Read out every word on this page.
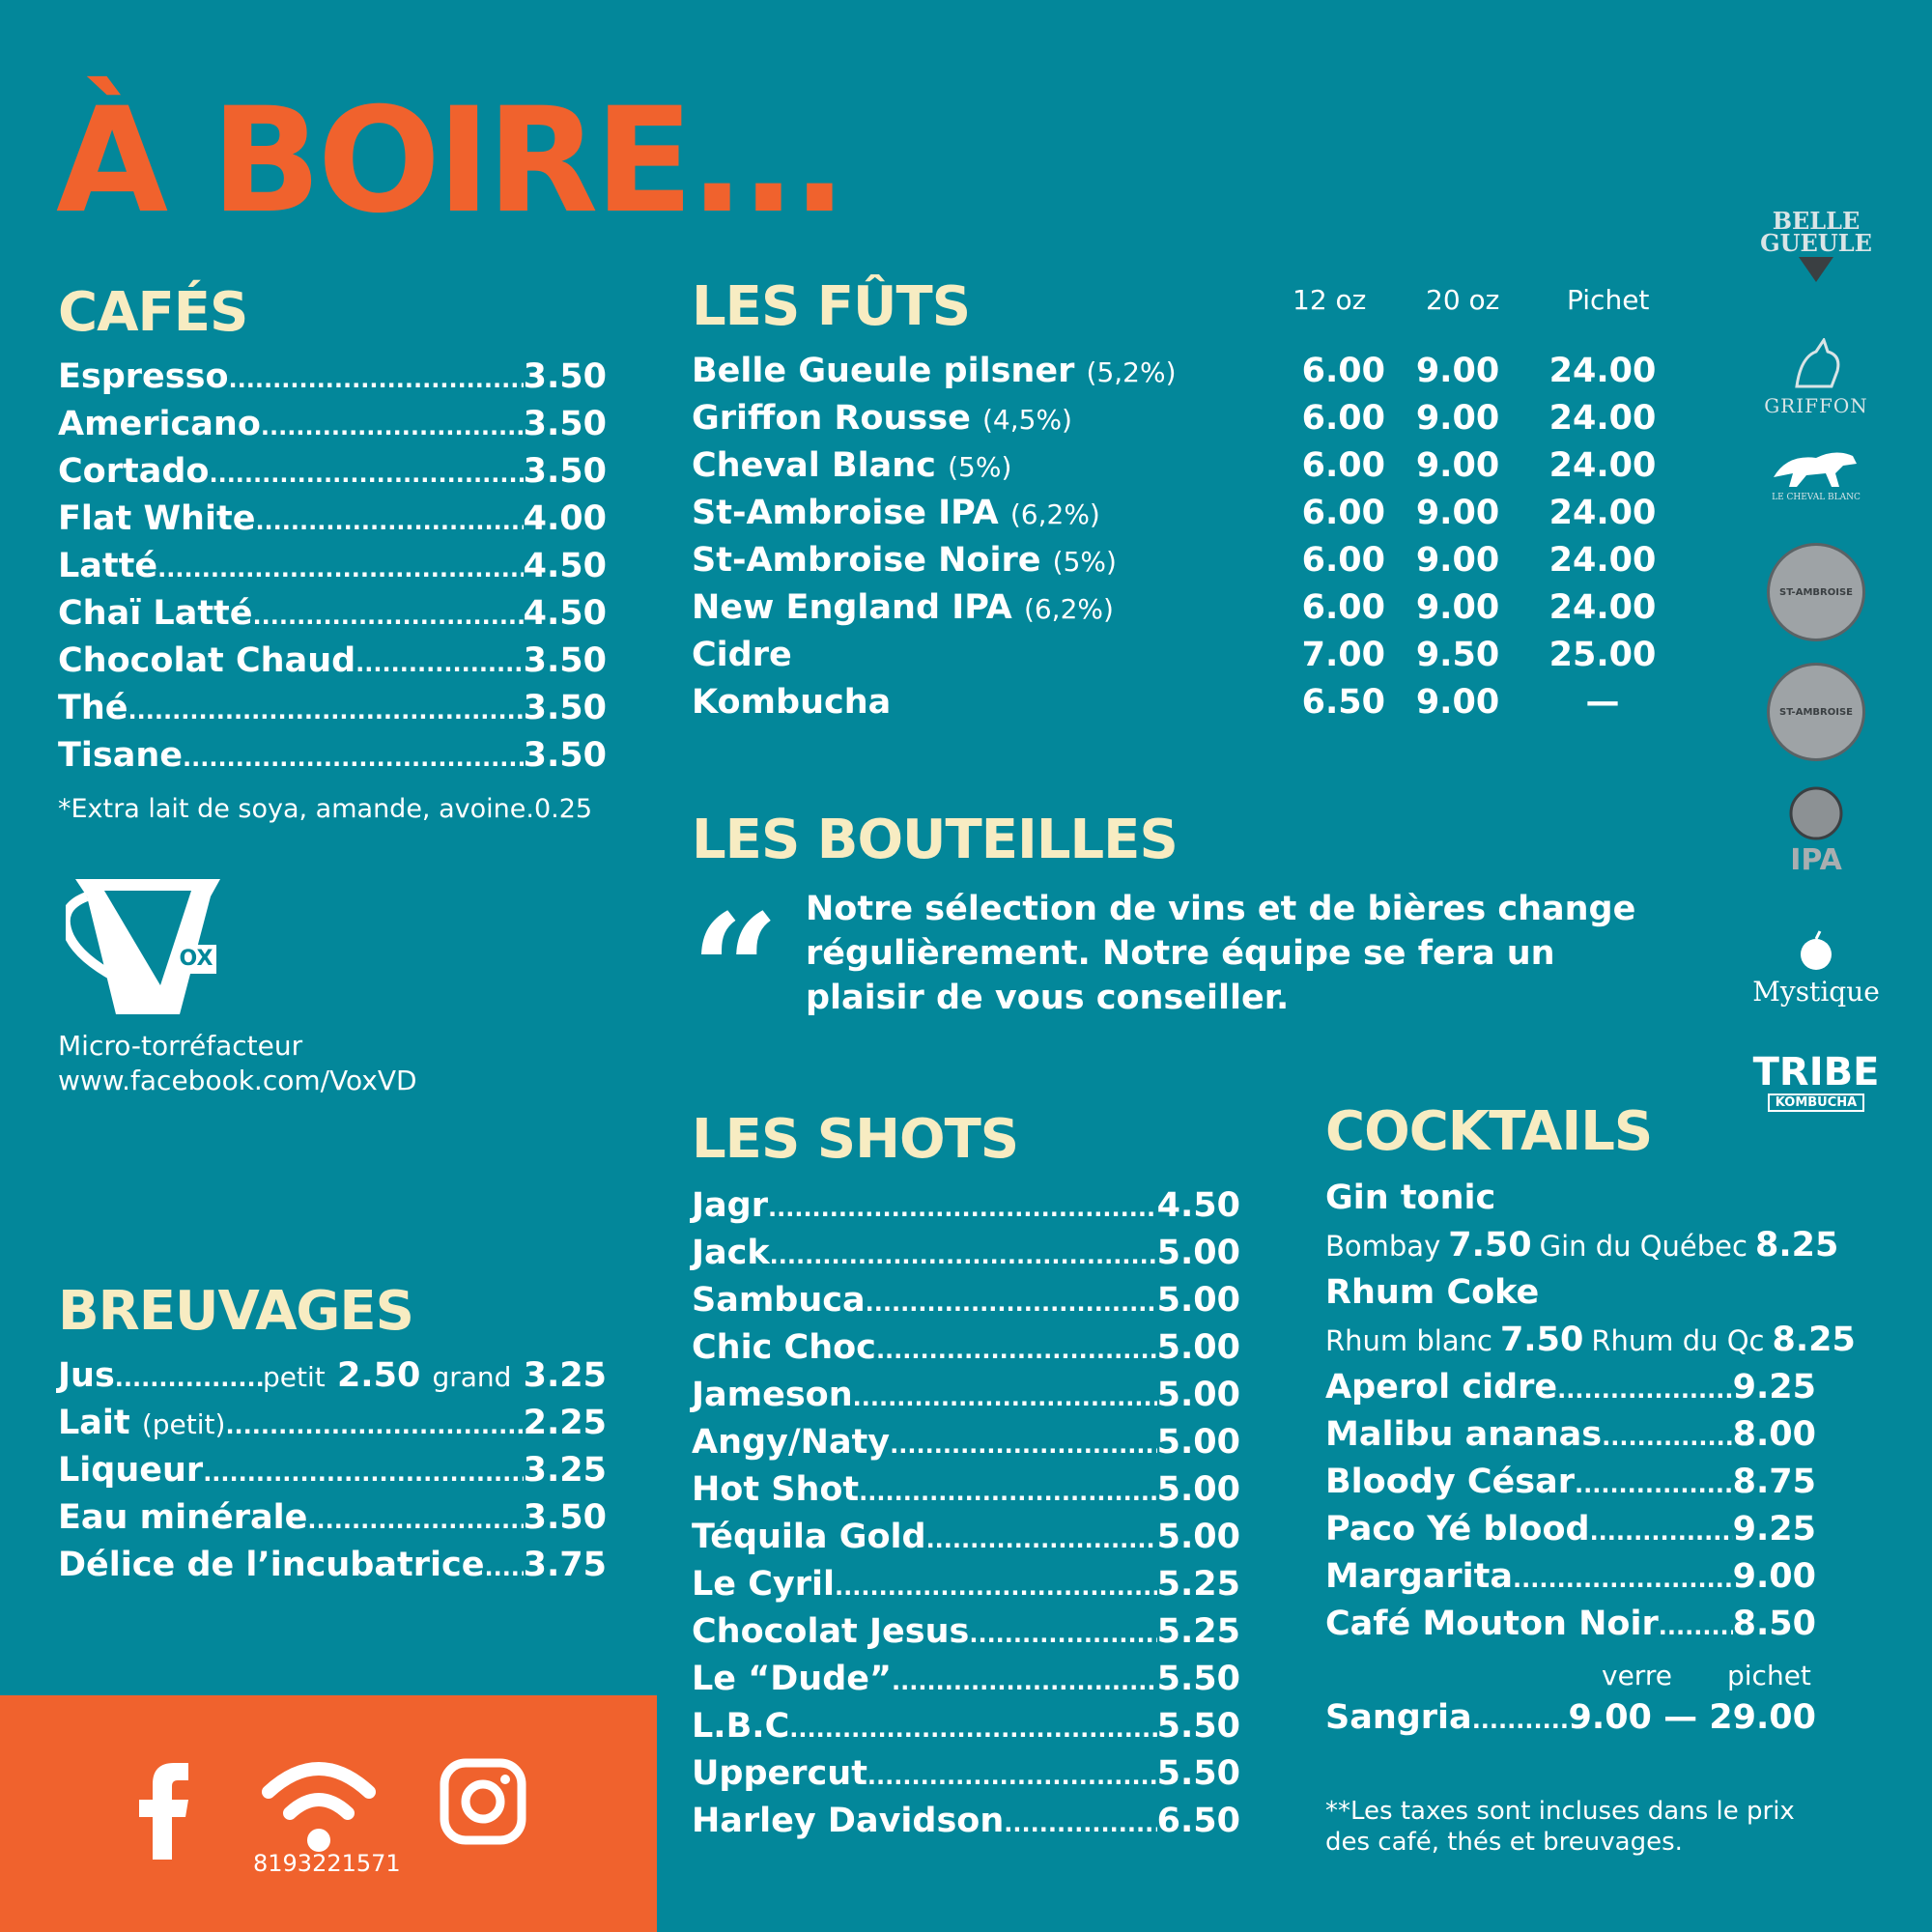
À BOIRE...
CAFÉS
Espresso .....	3.50
Americano .....	3.50
Cortado .....	3.50
Flat White .....	4.00
Latté .....	4.50
Chaï Latté .....	4.50
Chocolat Chaud .....	3.50
Thé .....	3.50
Tisane .....	3.50
*Extra lait de soya, amande, avoine.0.25
OX
Micro-torréfacteur
www.facebook.com/VoxVD
BREUVAGES
Jus .....	petit 2.50 grand 3.25
Lait (petit) .....	2.25
Liqueur .....	3.25
Eau minérale .....	3.50
Délice de l’incubatrice ..... 3.75
8193221571
LES FÛTS	12 oz 20 oz Pichet
Belle Gueule pilsner (5,2%)	6.00 9.00	24.00
Griffon Rousse (4,5%)	6.00 9.00	24.00
Cheval Blanc (5%)	6.00 9.00	24.00
St-Ambroise IPA (6,2%)	6.00 9.00	24.00
St-Ambroise Noire (5%)	6.00 9.00	24.00
New England IPA (6,2%)	6.00 9.00	24.00
Cidre	7.00 9.50	25.00
Kombucha	6.50 9.00	—
LES BOUTEILLES
“ Notre sélection de vins et de bières change régulièrement. Notre équipe se fera un plaisir de vous conseiller.
LES SHOTS
Jagr .....	4.50
Jack .....	5.00
Sambuca .....	5.00
Chic Choc .....	5.00
Jameson .....	5.00
Angy/Naty .....	5.00
Hot Shot .....	5.00
Téquila Gold .....	5.00
Le Cyril .....	5.25
Chocolat Jesus .....	5.25
Le “Dude” .....	5.50
L.B.C .....	5.50
Uppercut .....	5.50
Harley Davidson .....	6.50
COCKTAILS
Gin tonic
Bombay 7.50 Gin du Québec 8.25
Rhum Coke
Rhum blanc 7.50 Rhum du Qc 8.25
Aperol cidre .....	9.25
Malibu ananas .....	8.00
Bloody César .....	8.75
Paco Yé blood .....	9.25
Margarita .....	9.00
Café Mouton Noir ..... 8.50
verre pichet
Sangria .....	9.00 — 29.00
**Les taxes sont incluses dans le prix
des café, thés et breuvages.
BELLE
GUEULE
GRIFFON
LE CHEVAL BLANC
ST-AMBROISE
ST-AMBROISE
IPA
Mystique
TRIBE
KOMBUCHA
